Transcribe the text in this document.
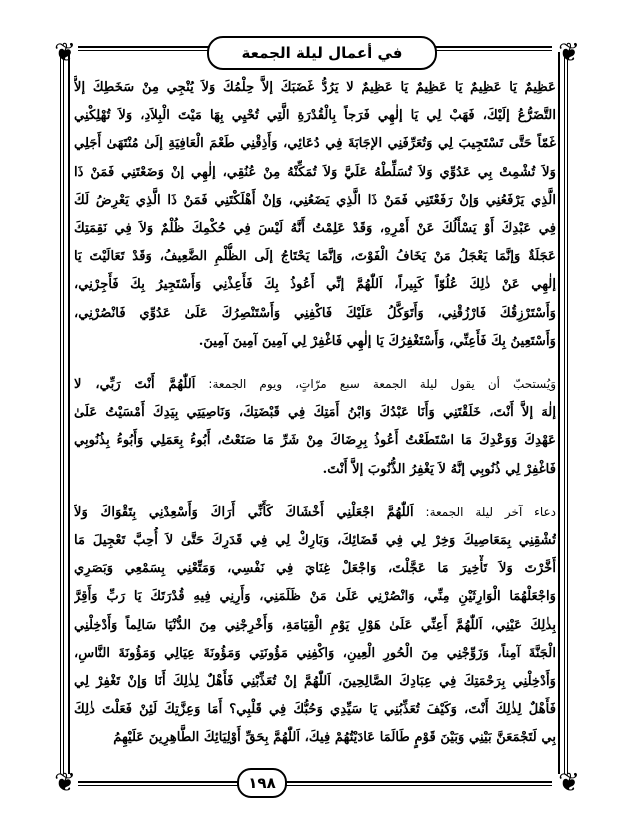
❦	❦
❦	❦
في أعمال ليلة الجمعة
عَظِيمٌ يَا عَظِيمٌ يَا عَظِيمٌ يَا عَظِيمٌ لا يَرُدُّ غَضَبَكَ إلاَّ حِلْمُكَ وَلاَ يُنْجِي مِنْ سَخَطِكَ إلاَّ
التَّضَرُّعُ إلَيْكَ، فَهَبْ لِي يَا إلٰهِي فَرَجاً بِالْقُدْرَةِ الَّتِي تُحْيِي بِهَا مَيْتَ الْبِلاَدِ، وَلاَ تُهْلِكْنِي
غَمّاً حَتَّى تَسْتَجِيبَ لِي وَتُعَرِّفَنِي الإجَابَةَ فِي دُعَائِي، وَأَذِقْنِي طَعْمَ الْعَافِيَةِ إلَىٰ مُنْتَهَىٰ أَجَلِي
وَلاَ تُشْمِتْ بِي عَدُوِّي وَلاَ تُسَلِّطْهُ عَلَيَّ وَلاَ تُمَكِّنْهُ مِنْ عُنُقِي، إلٰهِي إنْ وَضَعْتَنِي فَمَنْ ذَا
الَّذِي يَرْفَعُنِي وَإنْ رَفَعْتَنِي فَمَنْ ذَا الَّذِي يَضَعُنِي، وَإنْ أَهْلَكْتَنِي فَمَنْ ذَا الَّذِي يَعْرِضُ لَكَ
فِي عَبْدِكَ أَوْ يَسْأَلُكَ عَنْ أَمْرِهِ، وَقَدْ عَلِمْتُ أَنَّهُ لَيْسَ فِي حُكْمِكَ ظُلْمٌ وَلاَ فِي نَقِمَتِكَ
عَجَلَةٌ وَإنَّمَا يَعْجَلُ مَنْ يَخَافُ الْفَوْتَ، وَإنَّمَا يَحْتَاجُ إلَى الظُّلْمِ الضَّعِيفُ، وَقَدْ تَعَالَيْتَ يَا
إلٰهِي عَنْ ذٰلِكَ عُلُوّاً كَبِيراً، اَللّٰهُمَّ إنِّي أَعُوذُ بِكَ فَأَعِذْنِي وَأَسْتَجِيرُ بِكَ فَأَجِرْنِي،
وَأَسْتَرْزِقُكَ فَارْزُقْنِي، وَأَتَوَكَّلُ عَلَيْكَ فَاكْفِنِي وَأَسْتَنْصِرُكَ عَلَىٰ عَدُوِّي فَانْصُرْنِي،
وَأَسْتَعِينُ بِكَ فَأَعِنِّي، وَأَسْتَغْفِرُكَ يَا إلٰهِي فَاغْفِرْ لِي آمِينَ آمِينَ آمِينَ.
وَيُستحبّ أن يقول ليلة الجمعة سبع مرّاتٍ، ويوم الجمعة: اَللّٰهُمَّ أَنْتَ رَبِّي، لا
إلٰهَ إلاَّ أَنْتَ، خَلَقْتَنِي وَأَنَا عَبْدُكَ وَابْنُ أَمَتِكَ فِي قَبْضَتِكَ، وَنَاصِيَتِي بِيَدِكَ أَمْسَيْتُ عَلَىٰ
عَهْدِكَ وَوَعْدِكَ مَا اسْتَطَعْتُ أَعُوذُ بِرِضَاكَ مِنْ شَرِّ مَا صَنَعْتُ، أَبُوءُ بِعَمَلِي وَأَبُوءُ بِذُنُوبِي
فَاغْفِرْ لِي ذُنُوبِي إنَّهُ لاَ يَغْفِرُ الذُّنُوبَ إلاَّ أَنْتَ.
دعاء آخر ليلة الجمعة: اَللّٰهُمَّ اجْعَلْنِي أَخْشَاكَ كَأَنِّي أَرَاكَ وَأَسْعِدْنِي بِتَقْوَاكَ وَلاَ
تُشْقِنِي بِمَعَاصِيكَ وَخِرْ لِي فِي قَضَائِكَ، وَبَارِكْ لِي فِي قَدَرِكَ حَتَّىٰ لاَ أُحِبَّ تَعْجِيلَ مَا
أَخَّرْتَ وَلاَ تَأْخِيرَ مَا عَجَّلْتَ، وَاجْعَلْ غِنَايَ فِي نَفْسِي، وَمَتِّعْنِي بِسَمْعِي وَبَصَرِي
وَاجْعَلْهُمَا الْوَارِثَيْنِ مِنِّي، وَانْصُرْنِي عَلَىٰ مَنْ ظَلَمَنِي، وَأَرِنِي فِيهِ قُدْرَتَكَ يَا رَبِّ وَأَقِرَّ
بِذٰلِكَ عَيْنِي، اَللّٰهُمَّ أَعِنِّي عَلَىٰ هَوْلِ يَوْمِ الْقِيَامَةِ، وَأَخْرِجْنِي مِنَ الدُّنْيَا سَالِماً وَأَدْخِلْنِي
الْجَنَّةَ آمِناً، وَزَوِّجْنِي مِنَ الْحُورِ الْعِينِ، وَاكْفِنِي مَؤُونَتِي وَمَؤُونَةَ عِيَالِي وَمَؤُونَةَ النَّاسِ،
وَأَدْخِلْنِي بِرَحْمَتِكَ فِي عِبَادِكَ الصَّالِحِينَ، اَللّٰهُمَّ إنْ تُعَذِّبْنِي فَأَهْلٌ لِذٰلِكَ أَنَا وَإنْ تَغْفِرْ لِي
فَأَهْلٌ لِذٰلِكَ أَنْتَ، وَكَيْفَ تُعَذِّبُنِي يَا سَيِّدِي وَحُبُّكَ فِي قَلْبِي؟ أَمَا وَعِزَّتِكَ لَئِنْ فَعَلْتَ ذٰلِكَ
بِي لَتَجْمَعَنَّ بَيْنِي وَبَيْنَ قَوْمٍ طَالَمَا عَادَيْتُهُمْ فِيكَ، اَللّٰهُمَّ بِحَقِّ أَوْلِيَائِكَ الطَّاهِرِينَ عَلَيْهِمُ
١٩٨
